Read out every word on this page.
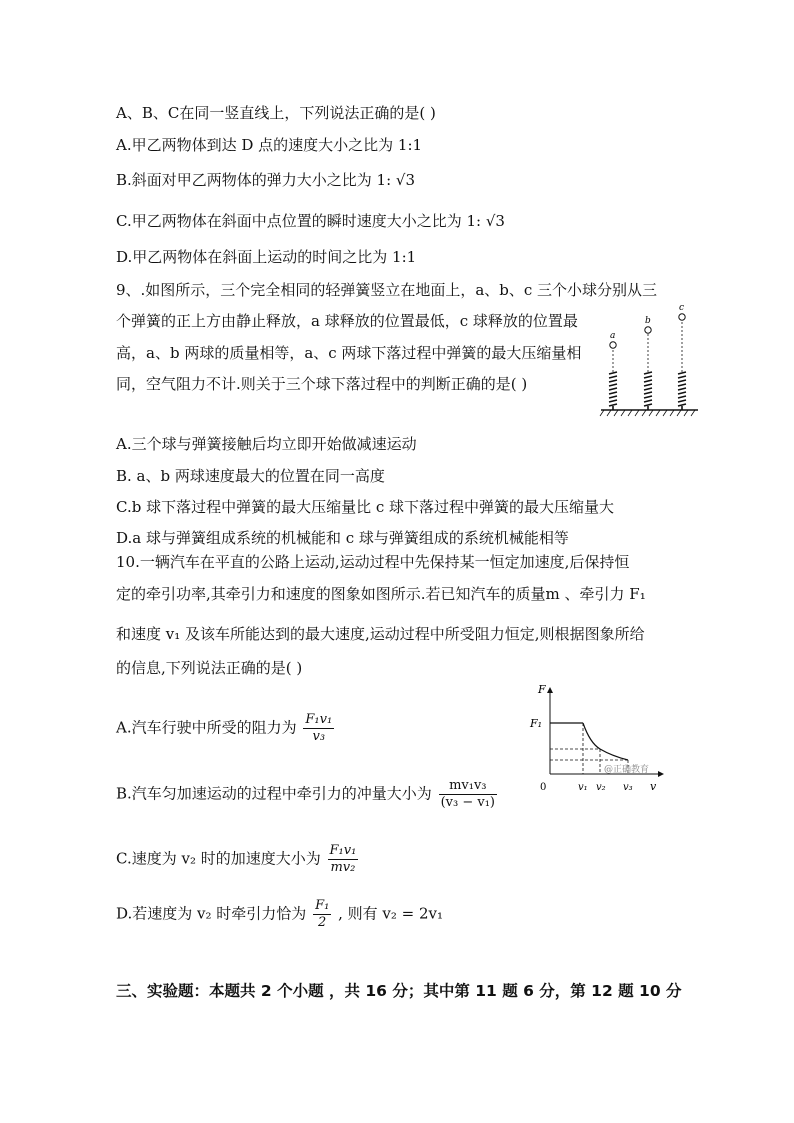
A、B、C在同一竖直线上，下列说法正确的是( )
A.甲乙两物体到达 D 点的速度大小之比为 1:1
B.斜面对甲乙两物体的弹力大小之比为 1: √3
C.甲乙两物体在斜面中点位置的瞬时速度大小之比为 1: √3
D.甲乙两物体在斜面上运动的时间之比为 1:1
9、.如图所示，三个完全相同的轻弹簧竖立在地面上，a、b、c 三个小球分别从三
个弹簧的正上方由静止释放，a 球释放的位置最低，c 球释放的位置最
高，a、b 两球的质量相等，a、c 两球下落过程中弹簧的最大压缩量相
同，空气阻力不计.则关于三个球下落过程中的判断正确的是( )
a
b
c
A.三个球与弹簧接触后均立即开始做减速运动
B. a、b 两球速度最大的位置在同一高度
C.b 球下落过程中弹簧的最大压缩量比 c 球下落过程中弹簧的最大压缩量大
D.a 球与弹簧组成系统的机械能和 c 球与弹簧组成的系统机械能相等
10.一辆汽车在平直的公路上运动,运动过程中先保持某一恒定加速度,后保持恒
定的牵引功率,其牵引力和速度的图象如图所示.若已知汽车的质量m 、牵引力 F₁
和速度 v₁ 及该车所能达到的最大速度,运动过程中所受阻力恒定,则根据图象所给
的信息,下列说法正确的是( )
A.汽车行驶中所受的阻力为 $\frac{\text{F₁v₁}}{\text{v₃}}$
B.汽车匀加速运动的过程中牵引力的冲量大小为 $\frac{\text{mv₁v₃}}{\text{(v₃ − v₁)}}$
C.速度为 v₂ 时的加速度大小为 $\frac{\text{F₁v₁}}{\text{mv₂}}$
D.若速度为 v₂ 时牵引力恰为 $\frac{\text{F₁}}{2}$ , 则有 v₂ = 2v₁
F
v
F₁
0	v₁ v₂ v₃
@正确教育
三、实验题：本题共 2 个小题 ，共 16 分；其中第 11 题 6 分，第 12 题 10 分
